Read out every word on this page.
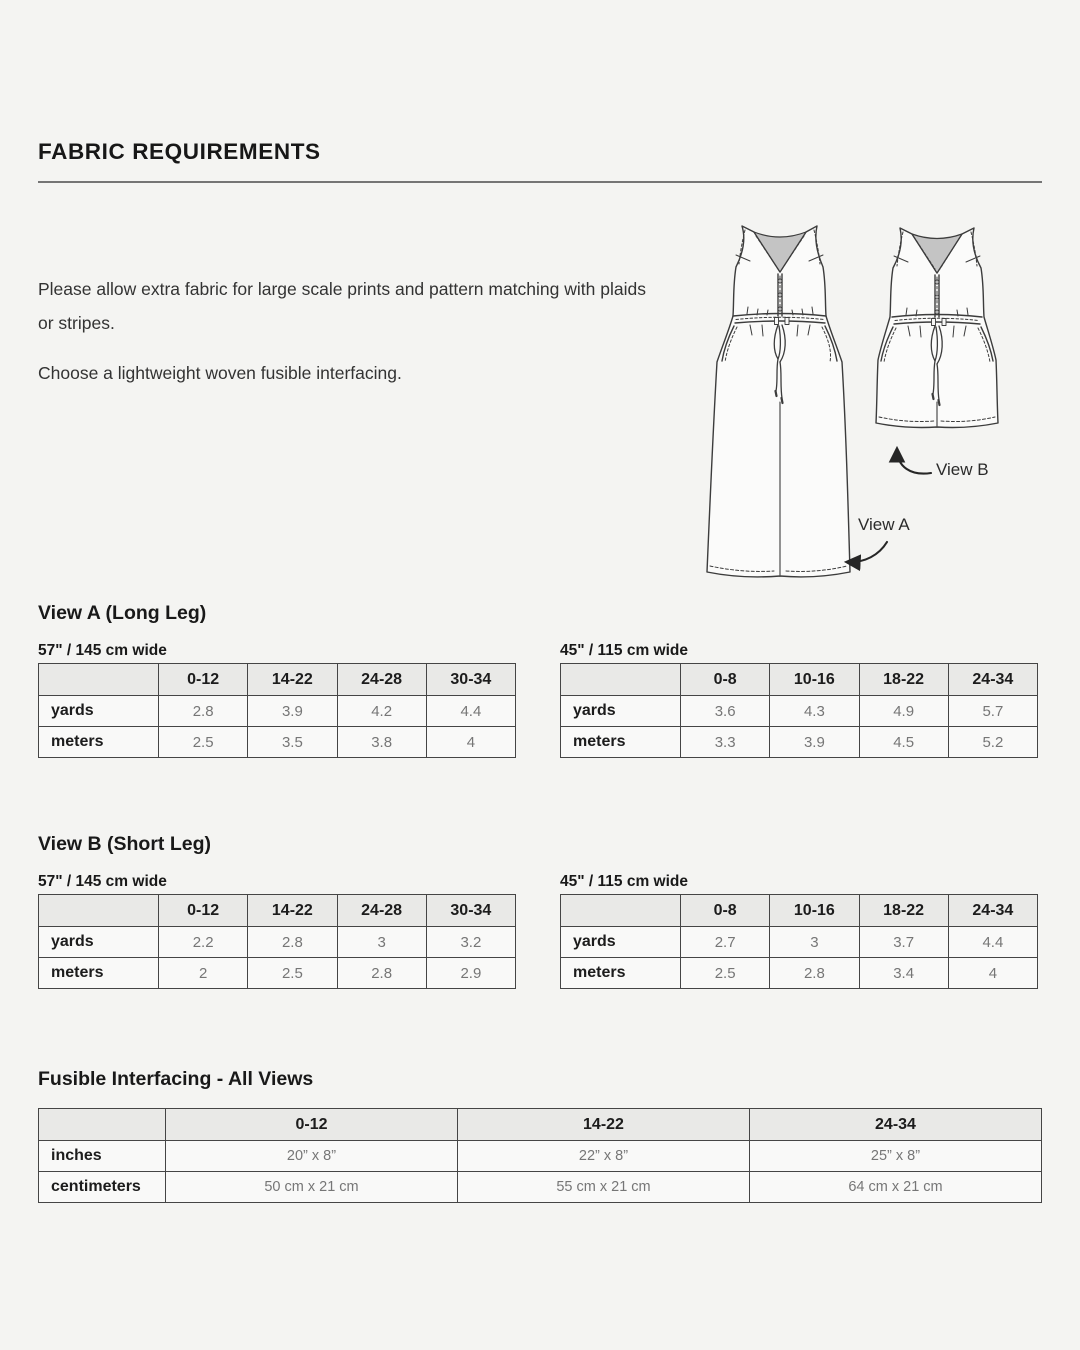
FABRIC REQUIREMENTS

Please allow extra fabric for large scale prints and pattern matching with plaids or stripes.

Choose a lightweight woven fusible interfacing.

View A
View B
View A (Long Leg)
57" / 145 cm wide
	0-12	14-22	24-28	30-34
yards	2.8	3.9	4.2	4.4
meters	2.5	3.5	3.8	4
45" / 115 cm wide
	0-8	10-16	18-22	24-34
yards	3.6	4.3	4.9	5.7
meters	3.3	3.9	4.5	5.2
View B (Short Leg)
57" / 145 cm wide
	0-12	14-22	24-28	30-34
yards	2.2	2.8	3	3.2
meters	2	2.5	2.8	2.9
45" / 115 cm wide
	0-8	10-16	18-22	24-34
yards	2.7	3	3.7	4.4
meters	2.5	2.8	3.4	4
Fusible Interfacing - All Views
	0-12	14-22	24-34
inches	20” x 8”	22” x 8”	25” x 8”
centimeters	50 cm x 21 cm	55 cm x 21 cm	64 cm x 21 cm
